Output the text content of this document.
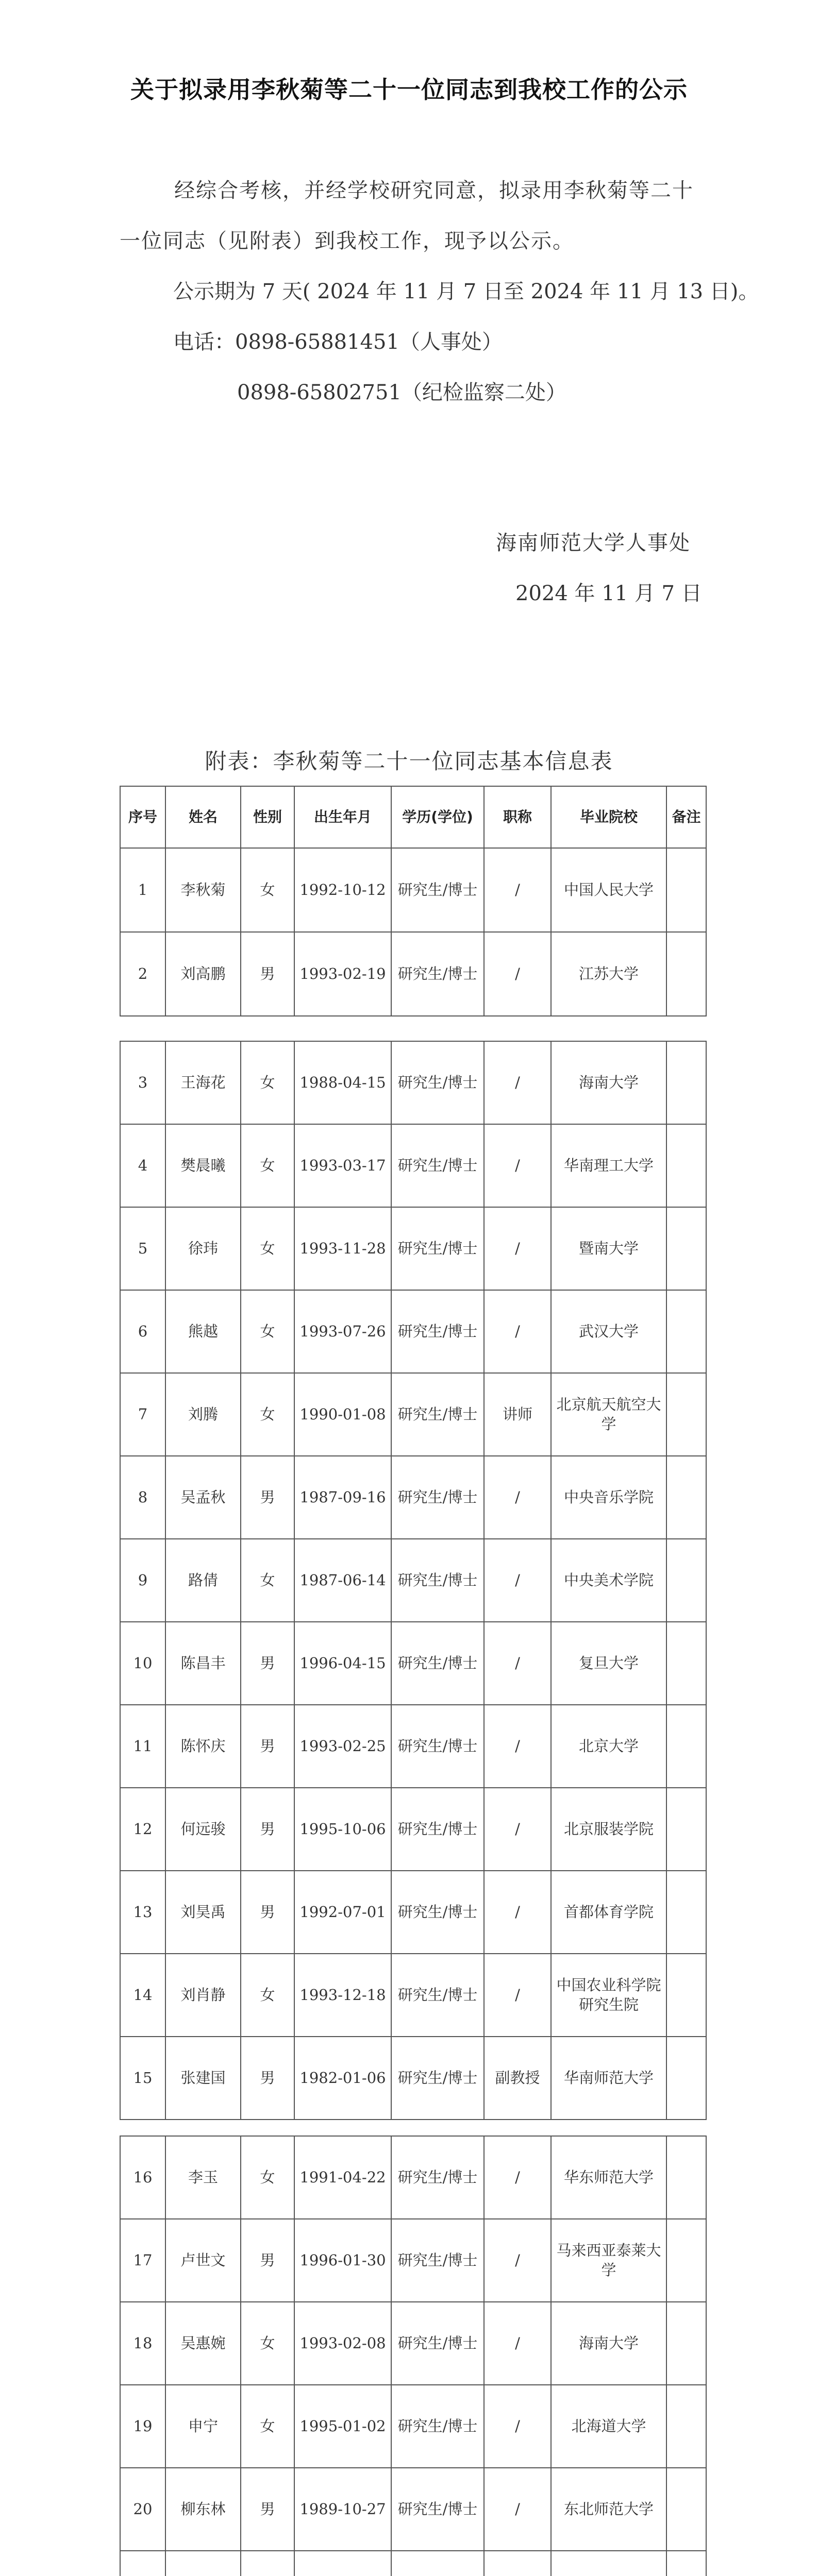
关于拟录用李秋菊等二十一位同志到我校工作的公示
经综合考核，并经学校研究同意，拟录用李秋菊等二十
一位同志（见附表）到我校工作，现予以公示。
公示期为 7 天( 2024 年 11 月 7 日至 2024 年 11 月 13 日)。
电话：0898-65881451（人事处）
0898-65802751（纪检监察二处）
海南师范大学人事处
2024 年 11 月 7 日
附表：李秋菊等二十一位同志基本信息表
序号	姓名	性别	出生年月	学历(学位)	职称	毕业院校	备注
1	李秋菊	女	1992-10-12	研究生/博士	/	中国人民大学	
2	刘高鹏	男	1993-02-19	研究生/博士	/	江苏大学	
3	王海花	女	1988-04-15	研究生/博士	/	海南大学	
4	樊晨曦	女	1993-03-17	研究生/博士	/	华南理工大学	
5	徐玮	女	1993-11-28	研究生/博士	/	暨南大学	
6	熊越	女	1993-07-26	研究生/博士	/	武汉大学	
7	刘腾	女	1990-01-08	研究生/博士	讲师	北京航天航空大学	
8	吴孟秋	男	1987-09-16	研究生/博士	/	中央音乐学院	
9	路倩	女	1987-06-14	研究生/博士	/	中央美术学院	
10	陈昌丰	男	1996-04-15	研究生/博士	/	复旦大学	
11	陈怀庆	男	1993-02-25	研究生/博士	/	北京大学	
12	何远骏	男	1995-10-06	研究生/博士	/	北京服装学院	
13	刘昊禹	男	1992-07-01	研究生/博士	/	首都体育学院	
14	刘肖静	女	1993-12-18	研究生/博士	/	中国农业科学院研究生院	
15	张建国	男	1982-01-06	研究生/博士	副教授	华南师范大学	
16	李玉	女	1991-04-22	研究生/博士	/	华东师范大学	
17	卢世文	男	1996-01-30	研究生/博士	/	马来西亚泰莱大学	
18	吴惠婉	女	1993-02-08	研究生/博士	/	海南大学	
19	申宁	女	1995-01-02	研究生/博士	/	北海道大学	
20	柳东林	男	1989-10-27	研究生/博士	/	东北师范大学	
